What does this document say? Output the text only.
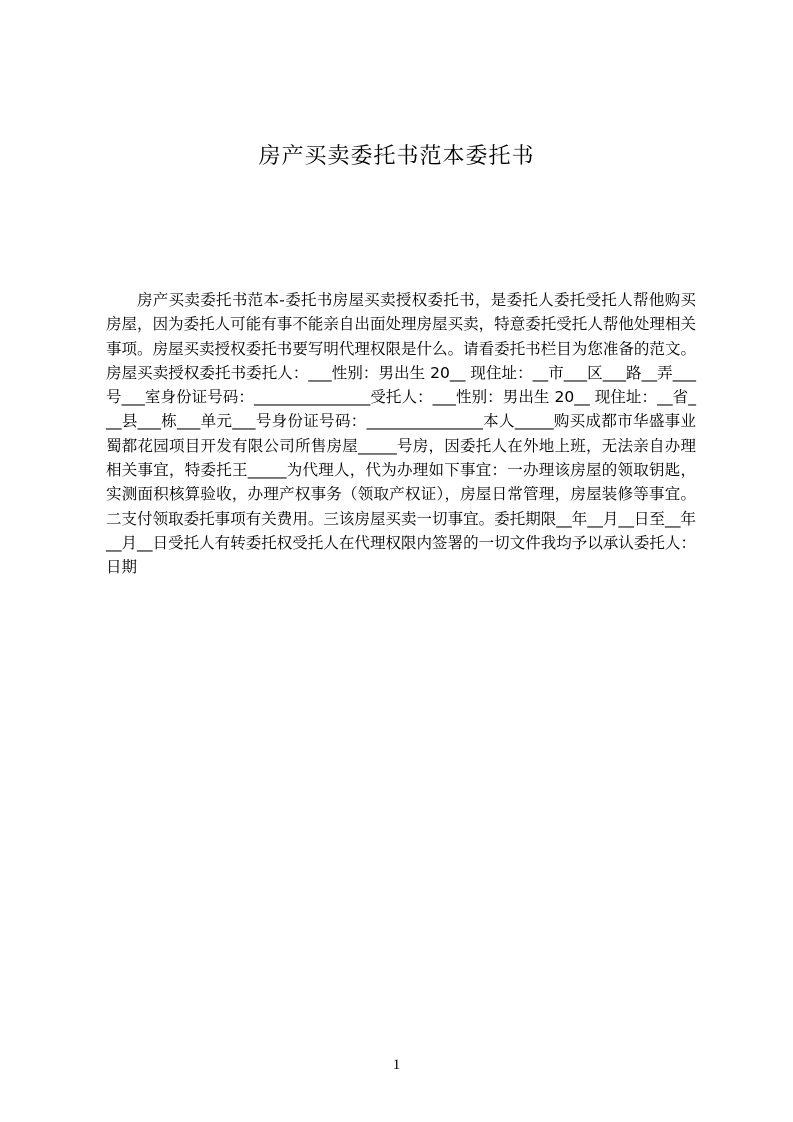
房产买卖委托书范本委托书

房产买卖委托书范本-委托书房屋买卖授权委托书，是委托人委托受托人帮他购买房屋，因为委托人可能有事不能亲自出面处理房屋买卖，特意委托受托人帮他处理相关事项。房屋买卖授权委托书要写明代理权限是什么。请看委托书栏目为您准备的范文。房屋买卖授权委托书委托人：___性别：男出生 20__ 现住址：__市___区___路__弄___号___室身份证号码：_______________受托人：___性别：男出生 20__ 现住址：__省___县___栋___单元___号身份证号码：_______________本人_____购买成都市华盛事业蜀都花园项目开发有限公司所售房屋_____号房，因委托人在外地上班，无法亲自办理相关事宜，特委托王_____为代理人，代为办理如下事宜：一办理该房屋的领取钥匙，实测面积核算验收，办理产权事务（领取产权证），房屋日常管理，房屋装修等事宜。二支付领取委托事项有关费用。三该房屋买卖一切事宜。委托期限__年__月__日至__年__月__日受托人有转委托权受托人在代理权限内签署的一切文件我均予以承认委托人：日期

1
